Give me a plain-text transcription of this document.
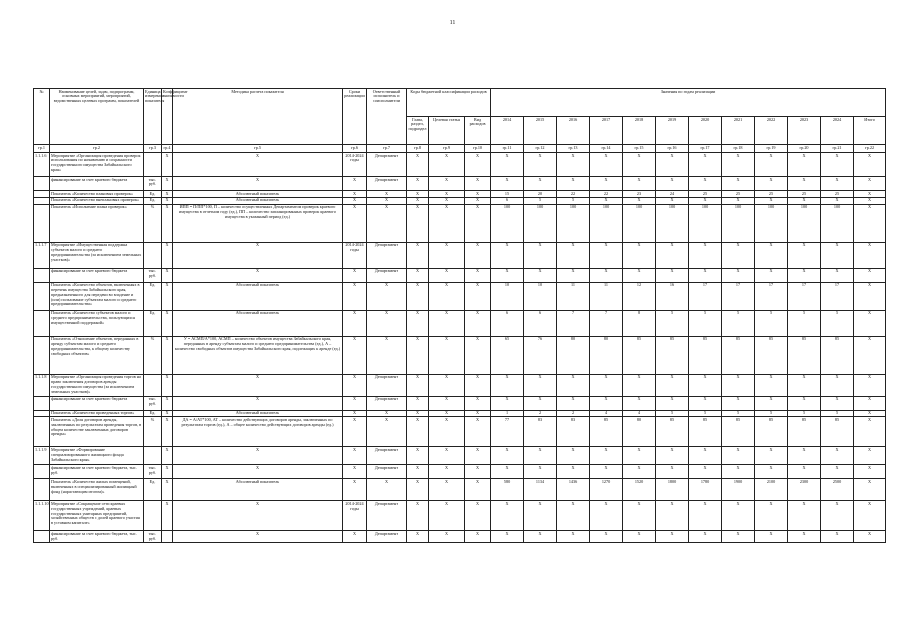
11
№	Наименование целей, задач, подпрограмм, основных мероприятий, мероприятий, ведомственных целевых программ, показателей	Единица измерения показателя	Коэффициент значимости	Методика расчета показателя	Сроки реализации	Ответственный исполнитель и соисполнители	Коды бюджетной классификации расходов			Значения по годам реализации											
							Глава, раздел, подраздел	Целевая статья	Вид расходов	2014	2015	2016	2017	2018	2019	2020	2021	2022	2023	2024	Итого
гр.1	гр.2	гр.3	гр.4	гр.5	гр.6	гр.7	гр.8	гр.9	гр.10	гр.11	гр.12	гр.13	гр.14	гр.15	гр.16	гр.17	гр.18	гр.19	гр.20	гр.21	гр.22
1.1.1.6	Мероприятие «Организация проведения проверок использования по назначению и сохранности государственного имущества Забайкальского края»		Х	Х	2014-2024 годы	Департамент	Х	Х	Х	Х	Х	Х	Х	Х	Х	Х	Х	Х	Х	Х	Х
	финансирование за счет краевого бюджета	тыс. руб.	Х	Х	Х	Департамент	Х	Х	Х	Х	Х	Х	Х	Х	Х	Х	Х	Х	Х	Х	Х
	Показатель «Количество плановых проверок»	Ед.	Х	Абсолютный показатель	Х	Х	Х	Х	Х	15	20	22	22	23	24	25	25	25	25	25	Х
	Показатель «Количество внеплановых проверок»	Ед.	Х	Абсолютный показатель	Х	Х	Х	Х	Х	6	5	5	Х	Х	Х	Х	Х	Х	Х	Х	Х
	Показатель «Исполнение плана проверок»	%	Х	ИПП = П/ПП*100, П – количество осуществленных Департаментом проверок краевого имущества в отчетном году (ед.), ПП – количество запланированных проверок краевого имущества в указанный период (ед.)	Х	Х	Х	Х	Х	100	100	100	100	100	100	100	100	100	100	100	Х
1.1.1.7	Мероприятие «Имущественная поддержка субъектов малого и среднего предпринимательства (за исключением земельных участков)»		Х	Х	2014-2024 годы	Департамент	Х	Х	Х	Х	Х	Х	Х	Х	Х	Х	Х	Х	Х	Х	Х
	финансирование за счет краевого бюджета	тыс. руб.	Х	Х	Х	Департамент	Х	Х	Х	Х	Х	Х	Х	Х	Х	Х	Х	Х	Х	Х	Х
	Показатель «Количество объектов, включенных в перечень имущества Забайкальского края, предназначенного для передачи во владение и (или) пользование субъектам малого и среднего предпринимательства»	Ед.	Х	Абсолютный показатель	Х	Х	Х	Х	Х	10	10	11	11	12	16	17	17	17	17	17	Х
	Показатель «Количество субъектов малого и среднего предпринимательства, пользующихся имущественной поддержкой»	Ед.	Х	Абсолютный показатель	Х	Х	Х	Х	Х	6	6	7	7	8	5	5	5	5	5	5	Х
	Показатель «Отношение объектов, переданных в аренду субъектам малого и среднего предпринимательства, к общему количеству свободных объектов»	%	Х	У = АСМП/А*100, АСМП – количество объектов имущества Забайкальского края, переданных в аренду субъектам малого и среднего предпринимательства (ед.), А – количество свободных объектов имущества Забайкальского края, подлежащих к аренде (ед.)	Х	Х	Х	Х	Х	65	76	80	80	85	85	85	85	85	85	85	Х
1.1.1.8	Мероприятие «Организация проведения торгов на право заключения договоров аренды государственного имущества (за исключением земельных участков)»		Х	Х	Х	Департамент	Х	Х	Х	Х	Х	Х	Х	Х	Х	Х	Х	Х	Х	Х	Х
	финансирование за счет краевого бюджета	тыс. руб.	Х	Х	Х	Департамент	Х	Х	Х	Х	Х	Х	Х	Х	Х	Х	Х	Х	Х	Х	Х
	Показатель «Количество проведенных торгов»	Ед.	Х	Абсолютный показатель	Х	Х	Х	Х	Х	1	2	2	4	4	5	5	5	5	5	5	Х
	Показатель «Доля договоров аренды, заключенных по результатам проведения торгов, в общем количестве заключенных договоров аренды»	%	Х	ДА = А/АТ*100, АТ – количество действующих договоров аренды, заключенных по результатам торгов (ед.), А – общее количество действующих договоров аренды (ед.)	Х	Х	Х	Х	Х	77	83	83	85	80	85	85	85	85	85	85	Х
1.1.1.9	Мероприятие «Формирование специализированного жилищного фонда Забайкальского края»		Х	Х	Х	Департамент	Х	Х	Х	Х	Х	Х	Х	Х	Х	Х	Х	Х	Х	Х	Х
	финансирование за счет краевого бюджета, тыс. руб.	тыс. руб.	Х	Х	Х	Департамент	Х	Х	Х	Х	Х	Х	Х	Х	Х	Х	Х	Х	Х	Х	Х
	Показатель «Количество жилых помещений, включенных в специализированный жилищный фонд (нарастающим итогом)»	Ед.	Х	Абсолютный показатель	Х	Х	Х	Х	Х	580	1134	1436	1270	1520	1800	1780	1900	2100	2300	2500	Х
1.1.1.10	Мероприятие «Сокращение сети краевых государственных учреждений, краевых государственных унитарных предприятий, хозяйственных обществ с долей краевого участия в уставном капитале»		Х	Х	2014-2024 годы	Департамент	Х	Х	Х	Х	Х	Х	Х	Х	Х	Х	Х	Х	Х	Х	Х
	финансирование за счет краевого бюджета, тыс. руб.	тыс. руб.		Х	Х	Департамент	Х	Х	Х	Х	Х	Х	Х	Х	Х	Х	Х	Х	Х	Х	Х
